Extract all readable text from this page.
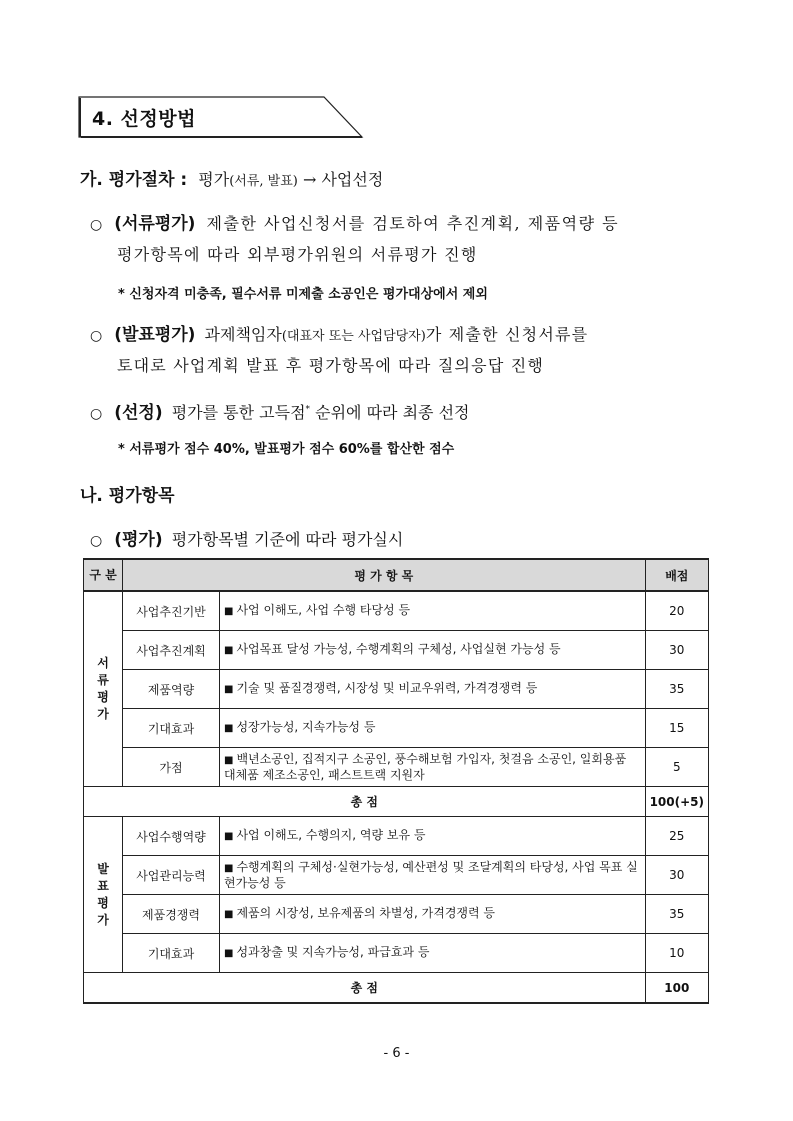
4. 선정방법
가. 평가절차 : 평가(서류, 발표) → 사업선정
○ (서류평가) 제출한 사업신청서를 검토하여 추진계획, 제품역량 등
평가항목에 따라 외부평가위원의 서류평가 진행
* 신청자격 미충족, 필수서류 미제출 소공인은 평가대상에서 제외
○ (발표평가) 과제책임자(대표자 또는 사업담당자)가 제출한 신청서류를
토대로 사업계획 발표 후 평가항목에 따라 질의응답 진행
○ (선정) 평가를 통한 고득점* 순위에 따라 최종 선정
* 서류평가 점수 40%, 발표평가 점수 60%를 합산한 점수
나. 평가항목
○ (평가) 평가항목별 기준에 따라 평가실시
구 분	평 가 항 목		배점
서
류
평
가	사업추진기반	■ 사업 이해도, 사업 수행 타당성 등	20
	사업추진계획	■ 사업목표 달성 가능성, 수행계획의 구체성, 사업실현 가능성 등	30
	제품역량	■ 기술 및 품질경쟁력, 시장성 및 비교우위력, 가격경쟁력 등	35
	기대효과	■ 성장가능성, 지속가능성 등	15
	가점	■ 백년소공인, 집적지구 소공인, 풍수해보험 가입자, 첫걸음 소공인, 일회용품 대체품 제조소공인, 패스트트랙 지원자	5
총 점			100(+5)
발
표
평
가	사업수행역량	■ 사업 이해도, 수행의지, 역량 보유 등	25
	사업관리능력	■ 수행계획의 구체성·실현가능성, 예산편성 및 조달계획의 타당성, 사업 목표 실현가능성 등	30
	제품경쟁력	■ 제품의 시장성, 보유제품의 차별성, 가격경쟁력 등	35
	기대효과	■ 성과창출 및 지속가능성, 파급효과 등	10
총 점			100
- 6 -
